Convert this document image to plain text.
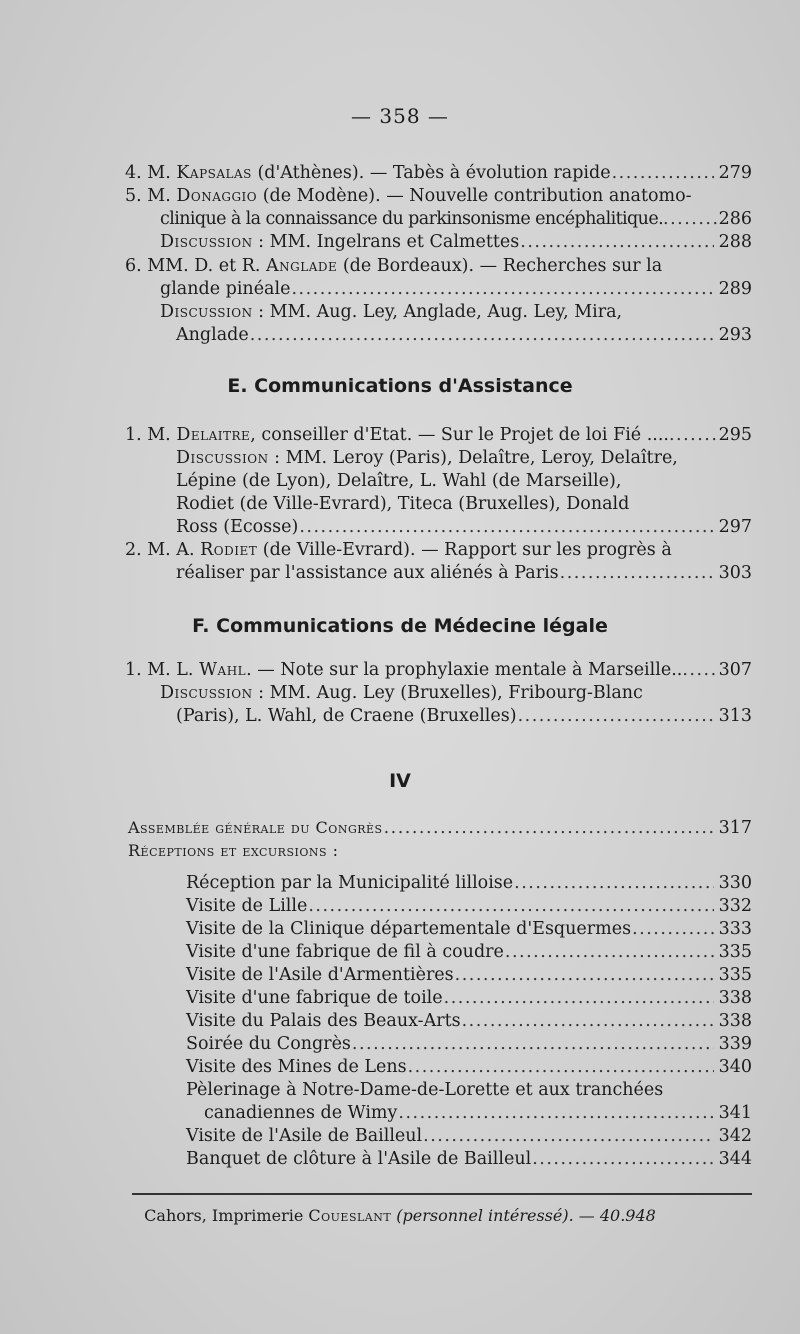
— 358 —
4. M. Kapsalas (d'Athènes). — Tabès à évolution rapide .....	279
5. M. Donaggio (de Modène). — Nouvelle contribution anatomo-
clinique à la connaissance du parkinsonisme encéphalitique. .....	286
Discussion : MM. Ingelrans et Calmettes .....	288
6. MM. D. et R. Anglade (de Bordeaux). — Recherches sur la
glande pinéale .....	289
Discussion : MM. Aug. Ley, Anglade, Aug. Ley, Mira,
Anglade .....	293
E. Communications d'Assistance
1. M. Delaitre, conseiller d'Etat. — Sur le Projet de loi Fié .... .....	295
Discussion : MM. Leroy (Paris), Delaître, Leroy, Delaître,
Lépine (de Lyon), Delaître, L. Wahl (de Marseille),
Rodiet (de Ville-Evrard), Titeca (Bruxelles), Donald
Ross (Ecosse) .....	297
2. M. A. Rodiet (de Ville-Evrard). — Rapport sur les progrès à
réaliser par l'assistance aux aliénés à Paris .....	303
F. Communications de Médecine légale
1. M. L. Wahl. — Note sur la prophylaxie mentale à Marseille.. ..... 307
Discussion : MM. Aug. Ley (Bruxelles), Fribourg-Blanc
(Paris), L. Wahl, de Craene (Bruxelles) .....	313
IV
Assemblée générale du Congrès .....	317
Réceptions et excursions :
Réception par la Municipalité lilloise .....	330
Visite de Lille .....	332
Visite de la Clinique départementale d'Esquermes .....	333
Visite d'une fabrique de fil à coudre .....	335
Visite de l'Asile d'Armentières .....	335
Visite d'une fabrique de toile .....	338
Visite du Palais des Beaux-Arts .....	338
Soirée du Congrès .....	339
Visite des Mines de Lens .....	340
Pèlerinage à Notre-Dame-de-Lorette et aux tranchées
canadiennes de Wimy .....	341
Visite de l'Asile de Bailleul .....	342
Banquet de clôture à l'Asile de Bailleul .....	344
Cahors, Imprimerie Coueslant (personnel intéressé). — 40.948
